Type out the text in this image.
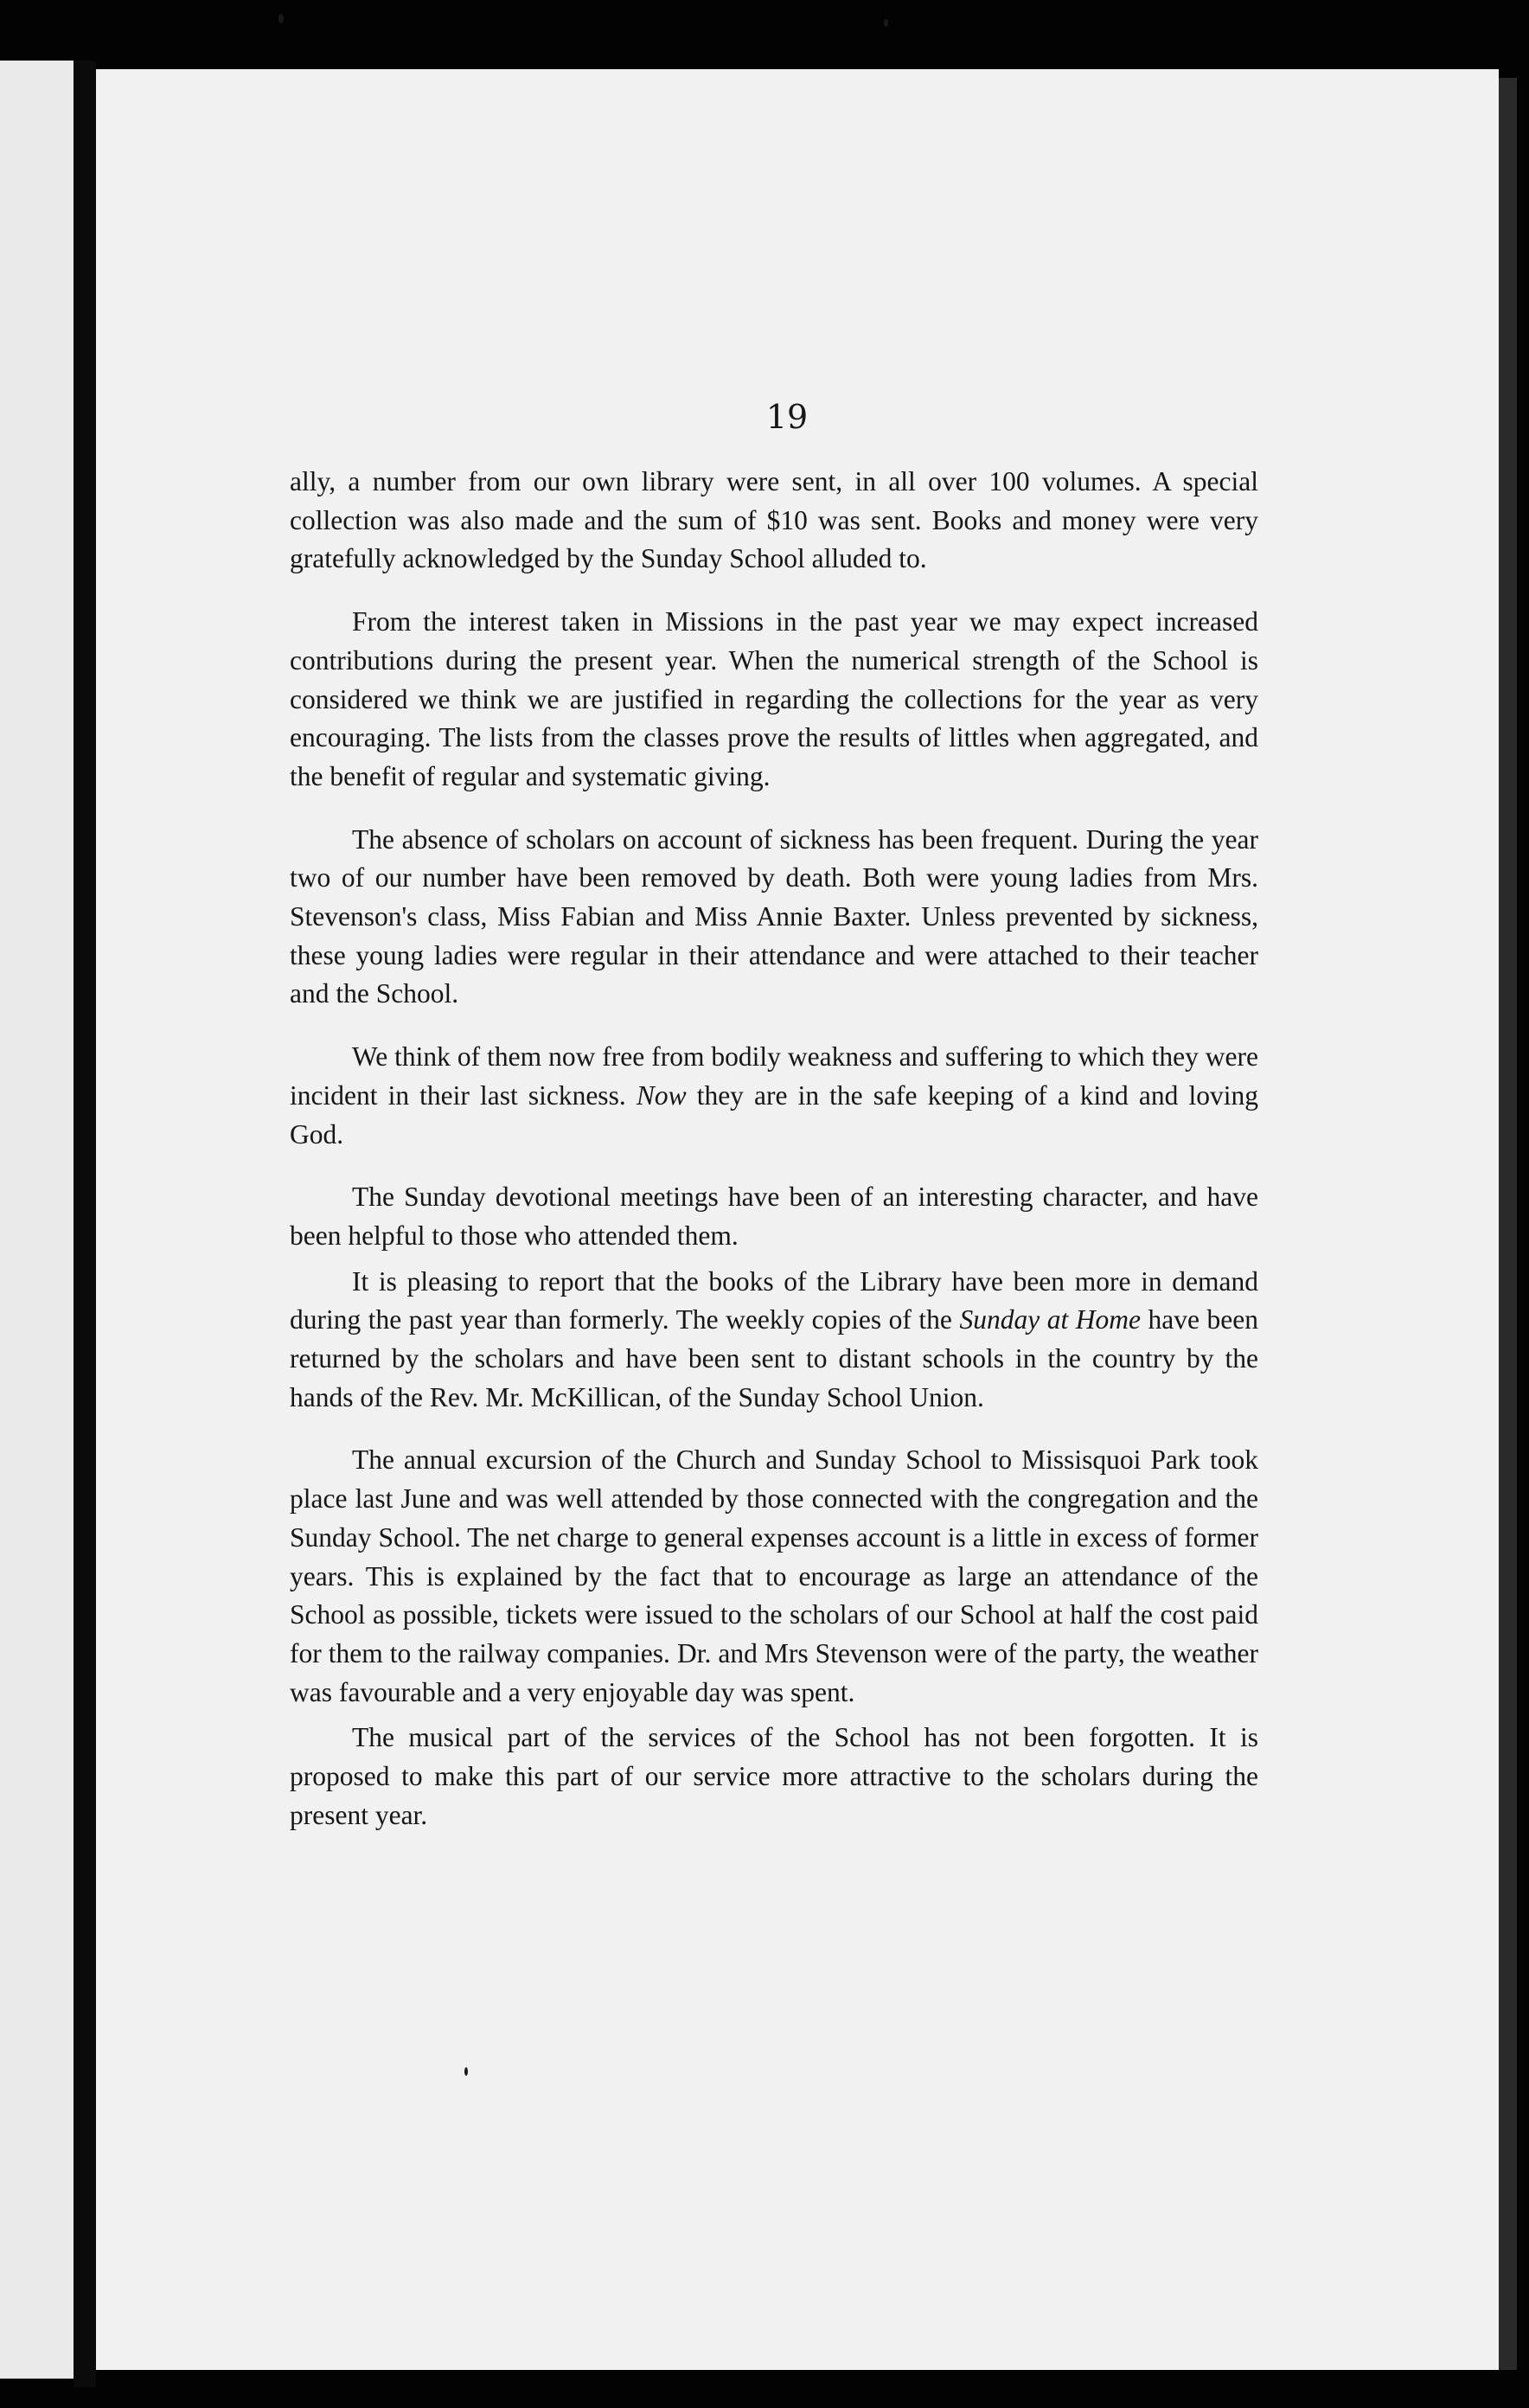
19

ally, a number from our own library were sent, in all over 100 volumes. A special collection was also made and the sum of $10 was sent. Books and money were very gratefully acknowledged by the Sunday School alluded to.

From the interest taken in Missions in the past year we may expect increased contributions during the present year. When the numerical strength of the School is considered we think we are justified in regarding the collections for the year as very encouraging. The lists from the classes prove the results of littles when aggregated, and the benefit of regular and systematic giving.

The absence of scholars on account of sickness has been frequent. During the year two of our number have been removed by death. Both were young ladies from Mrs. Stevenson's class, Miss Fabian and Miss Annie Baxter. Unless prevented by sickness, these young ladies were regular in their attendance and were attached to their teacher and the School.

We think of them now free from bodily weakness and suffering to which they were incident in their last sickness. Now they are in the safe keeping of a kind and loving God.

The Sunday devotional meetings have been of an interesting character, and have been helpful to those who attended them.

It is pleasing to report that the books of the Library have been more in demand during the past year than formerly. The weekly copies of the Sunday at Home have been returned by the scholars and have been sent to distant schools in the country by the hands of the Rev. Mr. McKillican, of the Sunday School Union.

The annual excursion of the Church and Sunday School to Missisquoi Park took place last June and was well attended by those connected with the congregation and the Sunday School. The net charge to general expenses account is a little in excess of former years. This is explained by the fact that to encourage as large an attendance of the School as possible, tickets were issued to the scholars of our School at half the cost paid for them to the railway companies. Dr. and Mrs Stevenson were of the party, the weather was favourable and a very enjoyable day was spent.

The musical part of the services of the School has not been forgotten. It is proposed to make this part of our service more attractive to the scholars during the present year.
